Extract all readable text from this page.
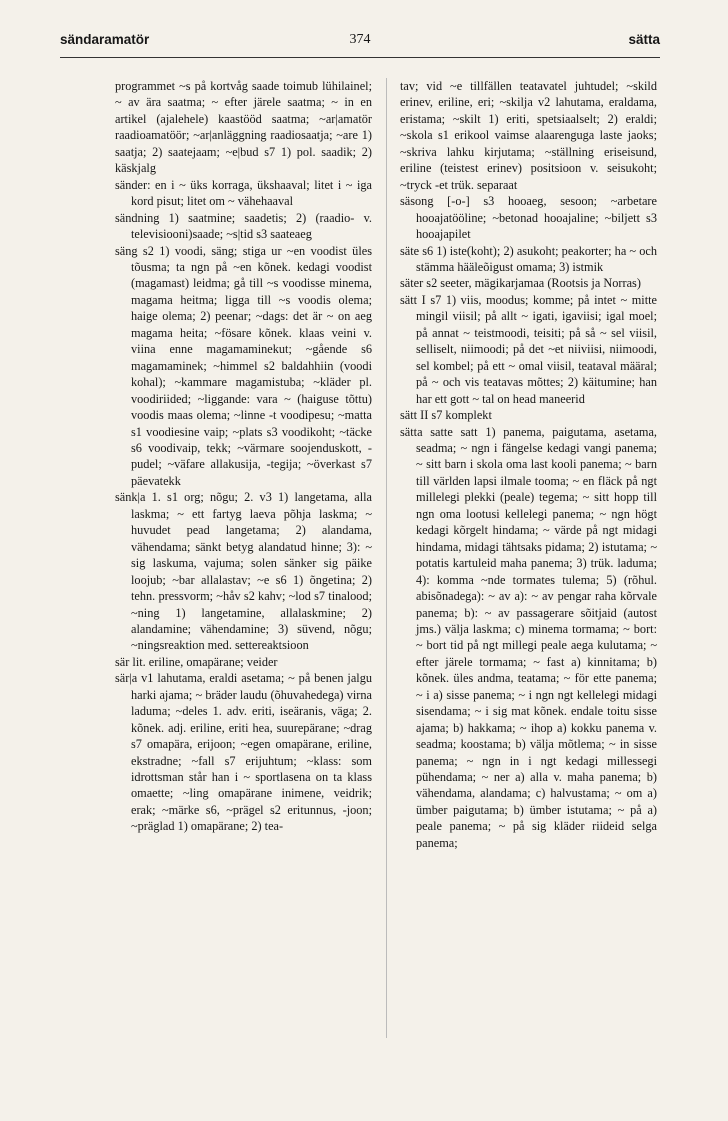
sändaramatör	374	sätta

programmet ~s på kortvåg saade toimub lühilainel; ~ av ära saatma; ~ efter järele saatma; ~ in en artikel (ajalehele) kaastööd saatma; ~ar|amatör raadioamatöör; ~ar|anläggning raadiosaatja; ~are 1) saatja; 2) saatejaam; ~e|bud s7 1) pol. saadik; 2) käskjalg

sänder: en i ~ üks korraga, ükshaaval; litet i ~ iga kord pisut; litet om ~ vähehaaval

sändning 1) saatmine; saadetis; 2) (raadio- v. televisiooni)saade; ~s|tid s3 saateaeg

säng s2 1) voodi, säng; stiga ur ~en voodist üles tõusma; ta ngn på ~en kõnek. kedagi voodist (magamast) leidma; gå till ~s voodisse minema, magama heitma; ligga till ~s voodis olema; haige olema; 2) peenar; ~dags: det är ~ on aeg magama heita; ~fösare kõnek. klaas veini v. viina enne magamaminekut; ~gående s6 magamaminek; ~himmel s2 baldahhiin (voodi kohal); ~kammare magamistuba; ~kläder pl. voodiriided; ~liggande: vara ~ (haiguse tõttu) voodis maas olema; ~linne -t voodipesu; ~matta s1 voodiesine vaip; ~plats s3 voodikoht; ~täcke s6 voodivaip, tekk; ~värmare soojenduskott, -pudel; ~väfare allakusija, -tegija; ~överkast s7 päevatekk

sänk|a 1. s1 org; nõgu; 2. v3 1) langetama, alla laskma; ~ ett fartyg laeva põhja laskma; ~ huvudet pead langetama; 2) alandama, vähendama; sänkt betyg alandatud hinne; 3): ~ sig laskuma, vajuma; solen sänker sig päike loojub; ~bar allalastav; ~e s6 1) õngetina; 2) tehn. pressvorm; ~håv s2 kahv; ~lod s7 tinalood; ~ning 1) langetamine, allalaskmine; 2) alandamine; vähendamine; 3) süvend, nõgu; ~ningsreaktion med. settereaktsioon

sär lit. eriline, omapärane; veider

sär|a v1 lahutama, eraldi asetama; ~ på benen jalgu harki ajama; ~ bräder laudu (õhuvahedega) virna laduma; ~deles 1. adv. eriti, iseäranis, väga; 2. kõnek. adj. eriline, eriti hea, suurepärane; ~drag s7 omapära, erijoon; ~egen omapärane, eriline, ekstradne; ~fall s7 erijuhtum; ~klass: som idrottsman står han i ~ sportlasena on ta klass omaette; ~ling omapärane inimene, veidrik; erak; ~märke s6, ~prägel s2 eritunnus, -joon; ~präglad 1) omapärane; 2) tea-

tav; vid ~e tillfällen teatavatel juhtudel; ~skild erinev, eriline, eri; ~skilja v2 lahutama, eraldama, eristama; ~skilt 1) eriti, spetsiaalselt; 2) eraldi; ~skola s1 erikool vaimse alaarenguga laste jaoks; ~skriva lahku kirjutama; ~ställning eriseisund, eriline (teistest erinev) positsioon v. seisukoht; ~tryck -et trük. separaat

säsong [-o-] s3 hooaeg, sesoon; ~arbetare hooajatööline; ~betonad hooajaline; ~biljett s3 hooajapilet

säte s6 1) iste(koht); 2) asukoht; peakorter; ha ~ och stämma hääleõigust omama; 3) istmik

säter s2 seeter, mägikarjamaa (Rootsis ja Norras)

sätt I s7 1) viis, moodus; komme; på intet ~ mitte mingil viisil; på allt ~ igati, igaviisi; igal moel; på annat ~ teistmoodi, teisiti; på så ~ sel viisil, selliselt, niimoodi; på det ~et niiviisi, niimoodi, sel kombel; på ett ~ omal viisil, teataval määral; på ~ och vis teatavas mõttes; 2) käitumine; han har ett gott ~ tal on head maneerid

sätt II s7 komplekt

sätta satte satt 1) panema, paigutama, asetama, seadma; ~ ngn i fängelse kedagi vangi panema; ~ sitt barn i skola oma last kooli panema; ~ barn till världen lapsi ilmale tooma; ~ en fläck på ngt millelegi plekki (peale) tegema; ~ sitt hopp till ngn oma lootusi kellelegi panema; ~ ngn högt kedagi kõrgelt hindama; ~ värde på ngt midagi hindama, midagi tähtsaks pidama; 2) istutama; ~ potatis kartuleid maha panema; 3) trük. laduma; 4): komma ~nde tormates tulema; 5) (rõhul. abisõnadega): ~ av a): ~ av pengar raha kõrvale panema; b): ~ av passagerare sõitjaid (autost jms.) välja laskma; c) minema tormama; ~ bort: ~ bort tid på ngt millegi peale aega kulutama; ~ efter järele tormama; ~ fast a) kinnitama; b) kõnek. üles andma, teatama; ~ för ette panema; ~ i a) sisse panema; ~ i ngn ngt kellelegi midagi sisendama; ~ i sig mat kõnek. endale toitu sisse ajama; b) hakkama; ~ ihop a) kokku panema v. seadma; koostama; b) välja mõtlema; ~ in sisse panema; ~ ngn in i ngt kedagi millessegi pühendama; ~ ner a) alla v. maha panema; b) vähendama, alandama; c) halvustama; ~ om a) ümber paigutama; b) ümber istutama; ~ på a) peale panema; ~ på sig kläder riideid selga panema;
